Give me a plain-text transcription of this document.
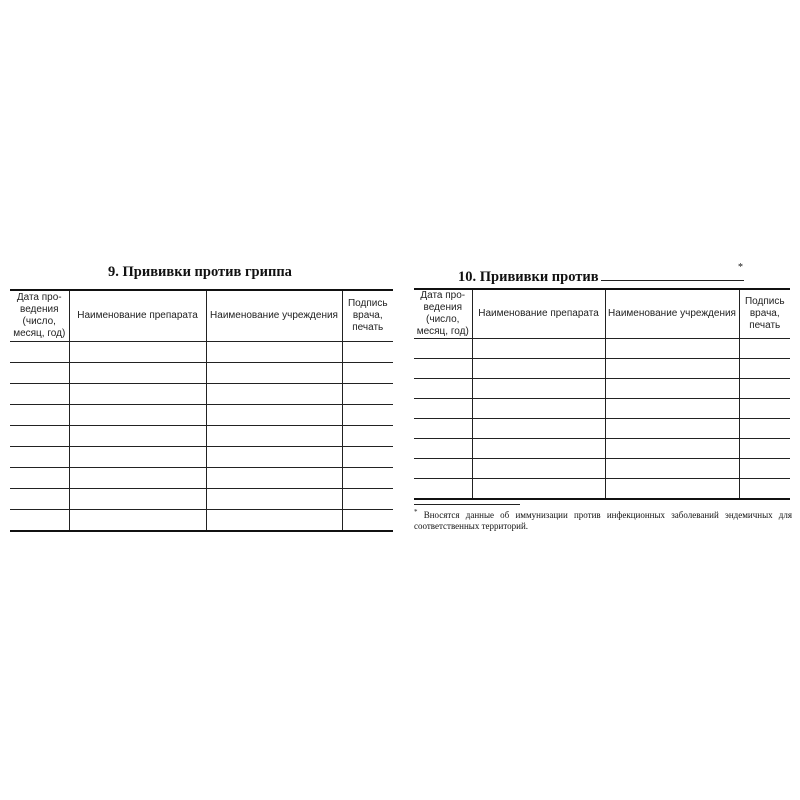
9. Прививки против гриппа
Дата про-ведения (число, месяц, год)	Наименование препарата	Наименование учреждения	Подпись врача, печать

10. Прививки против
*
Дата про-ведения (число, месяц, год)	Наименование препарата	Наименование учреждения	Подпись врача, печать

* Вносятся данные об иммунизации против инфекционных заболеваний эндемичных для соответственных территорий.
